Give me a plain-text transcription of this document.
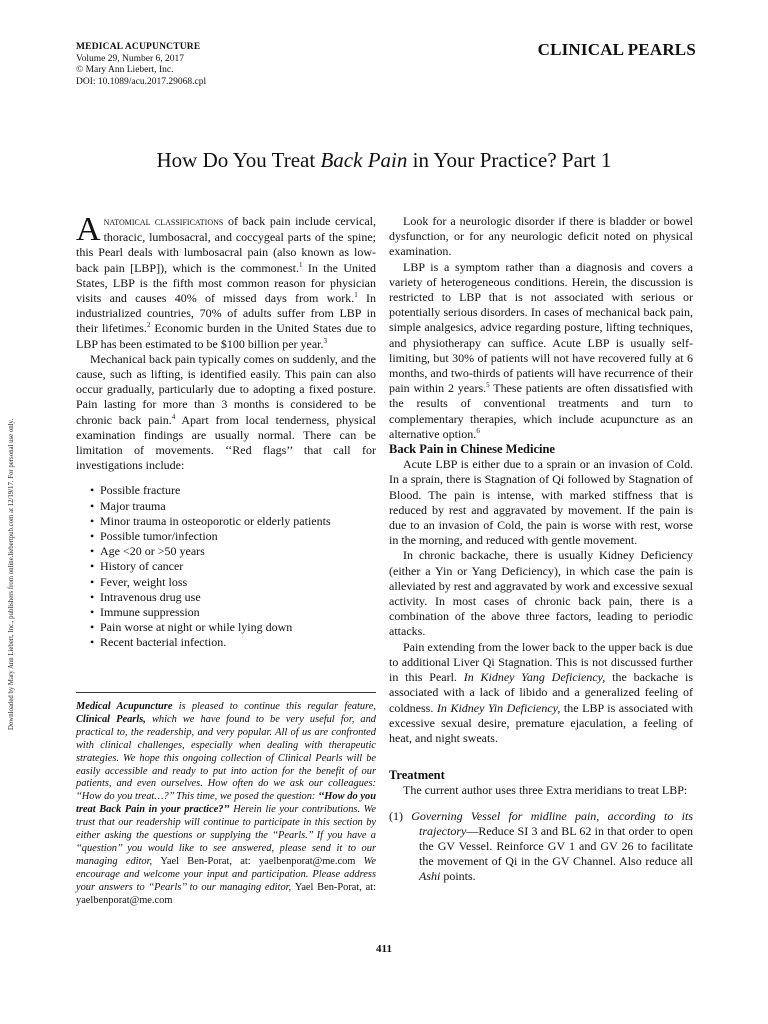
MEDICAL ACUPUNCTURE
Volume 29, Number 6, 2017
© Mary Ann Liebert, Inc.
DOI: 10.1089/acu.2017.29068.cpl
CLINICAL PEARLS
How Do You Treat Back Pain in Your Practice? Part 1
Downloaded by Mary Ann Liebert, Inc., publishers from online.liebertpub.com at 12/19/17. For personal use only.

Anatomical classifications of back pain include cervical, thoracic, lumbosacral, and coccygeal parts of the spine; this Pearl deals with lumbosacral pain (also known as low-back pain [LBP]), which is the commonest.$^1$ In the United States, LBP is the fifth most common reason for physician visits and causes 40% of missed days from work.$^1$ In industrialized countries, 70% of adults suffer from LBP in their lifetimes.$^2$ Economic burden in the United States due to LBP has been estimated to be $100 billion per year.$^3$

Mechanical back pain typically comes on suddenly, and the cause, such as lifting, is identified easily. This pain can also occur gradually, particularly due to adopting a fixed posture. Pain lasting for more than 3 months is considered to be chronic back pain.$^4$ Apart from local tenderness, physical examination findings are usually normal. There can be limitation of movements. ‘‘Red flags’’ that call for investigations include:

• Possible fracture
• Major trauma
• Minor trauma in osteoporotic or elderly patients
• Possible tumor/infection
• Age <20 or >50 years
• History of cancer
• Fever, weight loss
• Intravenous drug use
• Immune suppression
• Pain worse at night or while lying down
• Recent bacterial infection.
Medical Acupuncture is pleased to continue this regular feature, Clinical Pearls, which we have found to be very useful for, and practical to, the readership, and very popular. All of us are confronted with clinical challenges, especially when dealing with therapeutic strategies. We hope this ongoing collection of Clinical Pearls will be easily accessible and ready to put into action for the benefit of our patients, and even ourselves. How often do we ask our colleagues: ‘‘How do you treat…?’’ This time, we posed the question: ‘‘How do you treat Back Pain in your practice?’’ Herein lie your contributions. We trust that our readership will continue to participate in this section by either asking the questions or supplying the ‘‘Pearls.’’ If you have a ‘‘question’’ you would like to see answered, please send it to our managing editor, Yael Ben-Porat, at: yaelbenporat@me.com We encourage and welcome your input and participation. Please address your answers to ‘‘Pearls’’ to our managing editor, Yael Ben-Porat, at: yaelbenporat@me.com

Look for a neurologic disorder if there is bladder or bowel dysfunction, or for any neurologic deficit noted on physical examination.

LBP is a symptom rather than a diagnosis and covers a variety of heterogeneous conditions. Herein, the discussion is restricted to LBP that is not associated with serious or potentially serious disorders. In cases of mechanical back pain, simple analgesics, advice regarding posture, lifting techniques, and physiotherapy can suffice. Acute LBP is usually self-limiting, but 30% of patients will not have recovered fully at 6 months, and two-thirds of patients will have recurrence of their pain within 2 years.$^5$ These patients are often dissatisfied with the results of conventional treatments and turn to complementary therapies, which include acupuncture as an alternative option.$^6$

Back Pain in Chinese Medicine

Acute LBP is either due to a sprain or an invasion of Cold. In a sprain, there is Stagnation of Qi followed by Stagnation of Blood. The pain is intense, with marked stiffness that is reduced by rest and aggravated by movement. If the pain is due to an invasion of Cold, the pain is worse with rest, worse in the morning, and reduced with gentle movement.

In chronic backache, there is usually Kidney Deficiency (either a Yin or Yang Deficiency), in which case the pain is alleviated by rest and aggravated by work and excessive sexual activity. In most cases of chronic back pain, there is a combination of the above three factors, leading to periodic attacks.

Pain extending from the lower back to the upper back is due to additional Liver Qi Stagnation. This is not discussed further in this Pearl. In Kidney Yang Deficiency, the backache is associated with a lack of libido and a generalized feeling of coldness. In Kidney Yin Deficiency, the LBP is associated with excessive sexual desire, premature ejaculation, a feeling of heat, and night sweats.

Treatment

The current author uses three Extra meridians to treat LBP:

(1) Governing Vessel for midline pain, according to its trajectory—Reduce SI 3 and BL 62 in that order to open the GV Vessel. Reinforce GV 1 and GV 26 to facilitate the movement of Qi in the GV Channel. Also reduce all Ashi points.

411
